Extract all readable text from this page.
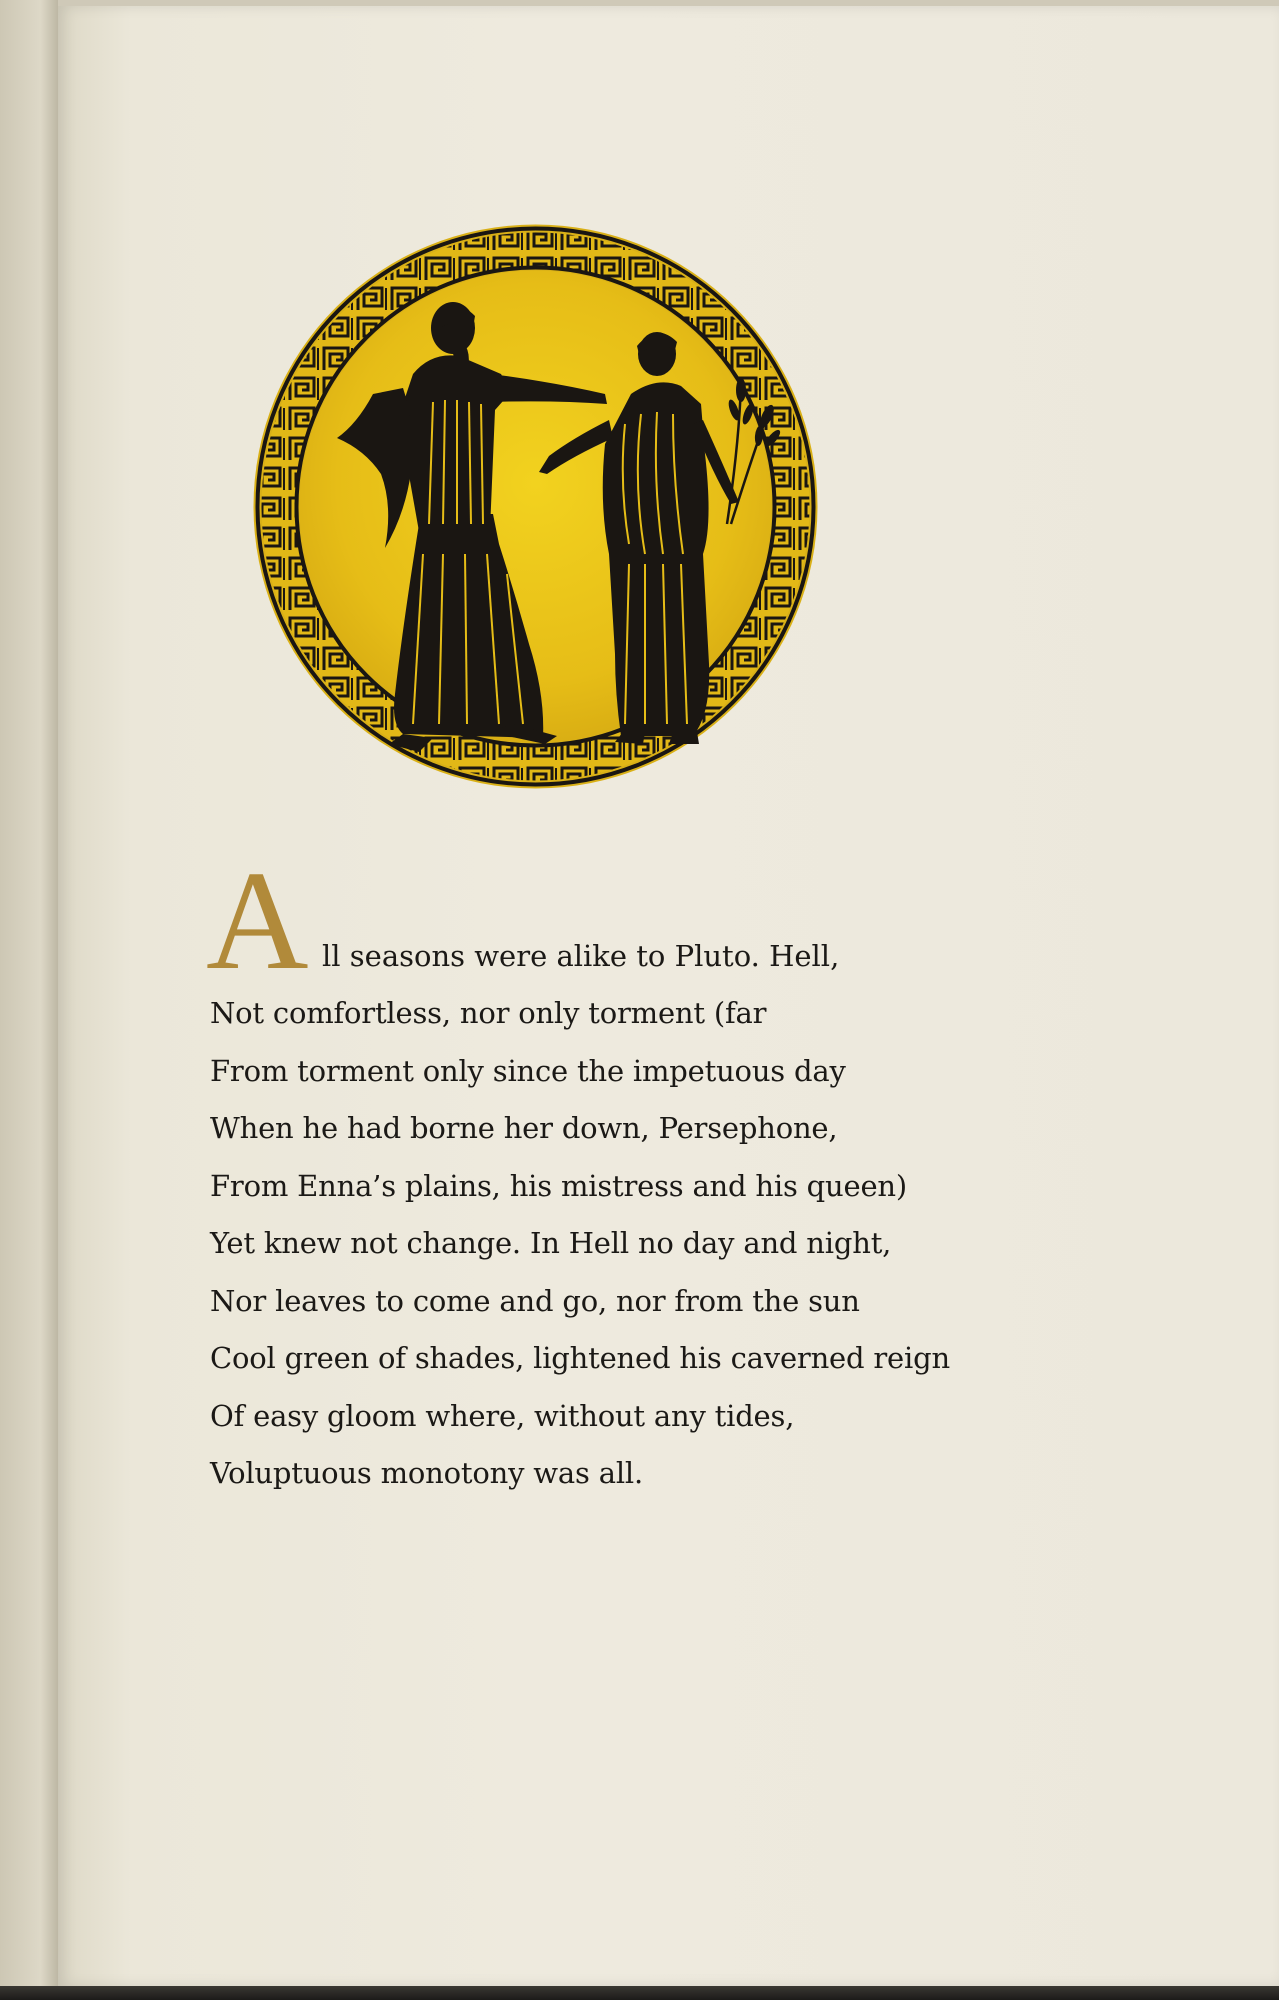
A ll seasons were alike to Pluto. Hell,
Not comfortless, nor only torment (far
From torment only since the impetuous day
When he had borne her down, Persephone,
From Enna’s plains, his mistress and his queen)
Yet knew not change. In Hell no day and night,
Nor leaves to come and go, nor from the sun
Cool green of shades, lightened his caverned reign
Of easy gloom where, without any tides,
Voluptuous monotony was all.
